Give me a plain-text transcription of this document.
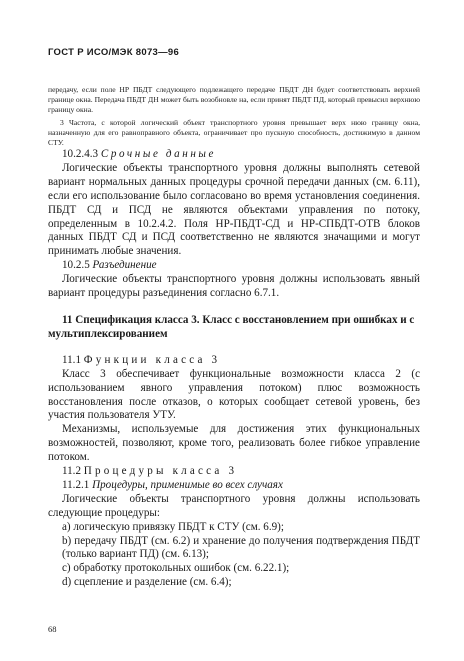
ГОСТ Р ИСО/МЭК 8073—96

передачу, если поле НР ПБДТ следующего подлежащего передаче ПБДТ ДН будет соответствовать верхней границе окна. Передача ПБДТ ДН может быть возобновле на, если принят ПБДТ ПД, который превысил верхнюю границу окна.

3 Частота, с которой логический объект транспортного уровня превышает верх нюю границу окна, назначенную для его равноправного объекта, ограничивает про пускную способность, достижимую в данном СТУ.

10.2.4.3 Срочные данные

Логические объекты транспортного уровня должны выполнять сетевой вариант нормальных данных процедуры срочной передачи данных (см. 6.11), если его использование было согласовано во время установления соединения. ПБДТ СД и ПСД не являются объектами управления по потоку, определенным в 10.2.4.2. Поля НР-ПБДТ-СД и НР-СПБДТ-ОТВ блоков данных ПБДТ СД и ПСД соответственно не являются значащими и могут принимать любые значения.

10.2.5 Разъединение

Логические объекты транспортного уровня должны использовать явный вариант процедуры разъединения согласно 6.7.1.

11 Спецификация класса 3. Класс с восстановлением при ошибках и с мультиплексированием

11.1 Функции класса 3

Класс 3 обеспечивает функциональные возможности класса 2 (с использованием явного управления потоком) плюс возможность восстановления после отказов, о которых сообщает сетевой уровень, без участия пользователя УТУ.

Механизмы, используемые для достижения этих функциональных возможностей, позволяют, кроме того, реализовать более гибкое управление потоком.

11.2 Процедуры класса 3

11.2.1 Процедуры, применимые во всех случаях

Логические объекты транспортного уровня должны использовать следующие процедуры:

a) логическую привязку ПБДТ к СТУ (см. 6.9);

b) передачу ПБДТ (см. 6.2) и хранение до получения подтверждения ПБДТ (только вариант ПД) (см. 6.13);

c) обработку протокольных ошибок (см. 6.22.1);

d) сцепление и разделение (см. 6.4);

68
